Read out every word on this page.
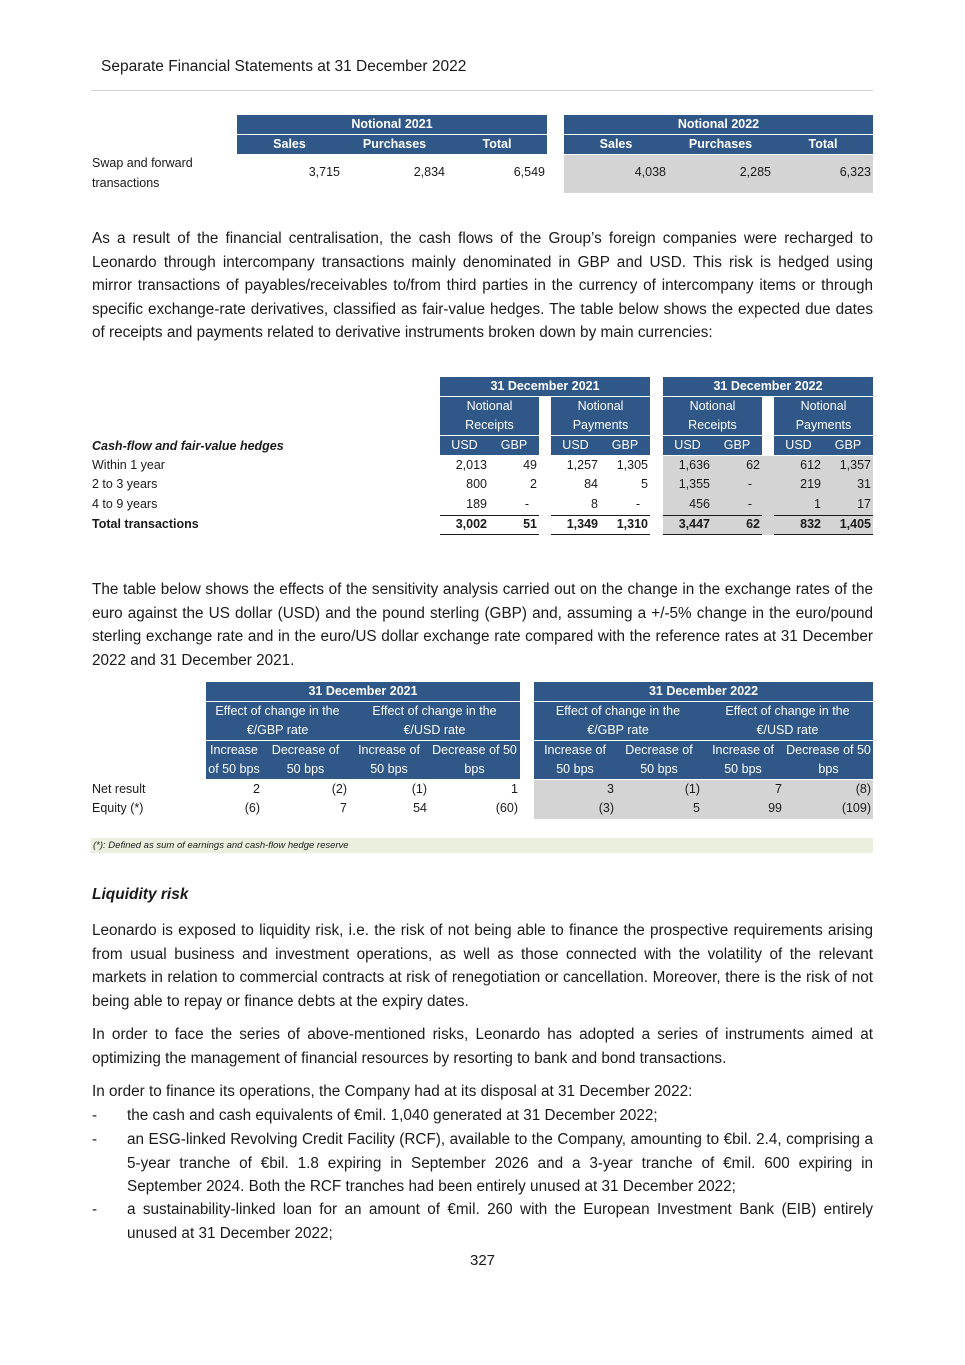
Separate Financial Statements at 31 December 2022
Notional 2021	Notional 2022
Sales	Purchases	Total	Sales	Purchases	Total
Swap and forward
transactions
3,715	2,834	6,549	4,038	2,285	6,323
As a result of the financial centralisation, the cash flows of the Group’s foreign companies were recharged to Leonardo through intercompany transactions mainly denominated in GBP and USD. This risk is hedged using mirror transactions of payables/receivables to/from third parties in the currency of intercompany items or through specific exchange-rate derivatives, classified as fair-value hedges. The table below shows the expected due dates of receipts and payments related to derivative instruments broken down by main currencies:
31 December 2021	31 December 2022
Notional
Receipts
Notional
Payments
Notional
Receipts
Notional
Payments
USD	GBP	USD	GBP	USD	GBP	USD	GBP
Cash-flow and fair-value hedges
Within 1 year	2,013	49	1,257	1,305	1,636	62	612	1,357
2 to 3 years	800	2	84	5	1,355	-	219	31
4 to 9 years	189	-	8	-	456	-	1	17
Total transactions	3,002	51	1,349	1,310	3,447	62	832	1,405
The table below shows the effects of the sensitivity analysis carried out on the change in the exchange rates of the euro against the US dollar (USD) and the pound sterling (GBP) and, assuming a +/-5% change in the euro/pound sterling exchange rate and in the euro/US dollar exchange rate compared with the reference rates at 31 December 2022 and 31 December 2021.
31 December 2021	31 December 2022
Effect of change in the
€/GBP rate
Effect of change in the
€/USD rate
Effect of change in the
€/GBP rate
Effect of change in the
€/USD rate
Increase
of 50 bps
Decrease of
50 bps
Increase of
50 bps
Decrease of 50
bps
Increase of
50 bps
Decrease of
50 bps
Increase of
50 bps
Decrease of 50
bps
Net result	2	(2)	(1)	1	3	(1)	7	(8)
Equity (*)	(6)	7	54	(60)	(3)	5	99	(109)
(*): Defined as sum of earnings and cash-flow hedge reserve
Liquidity risk
Leonardo is exposed to liquidity risk, i.e. the risk of not being able to finance the prospective requirements arising from usual business and investment operations, as well as those connected with the volatility of the relevant markets in relation to commercial contracts at risk of renegotiation or cancellation. Moreover, there is the risk of not being able to repay or finance debts at the expiry dates.
In order to face the series of above-mentioned risks, Leonardo has adopted a series of instruments aimed at optimizing the management of financial resources by resorting to bank and bond transactions.
In order to finance its operations, the Company had at its disposal at 31 December 2022:
- the cash and cash equivalents of €mil. 1,040 generated at 31 December 2022;
- an ESG-linked Revolving Credit Facility (RCF), available to the Company, amounting to €bil. 2.4, comprising a 5-year tranche of €bil. 1.8 expiring in September 2026 and a 3-year tranche of €mil. 600 expiring in September 2024. Both the RCF tranches had been entirely unused at 31 December 2022;
- a sustainability-linked loan for an amount of €mil. 260 with the European Investment Bank (EIB) entirely unused at 31 December 2022;
327
